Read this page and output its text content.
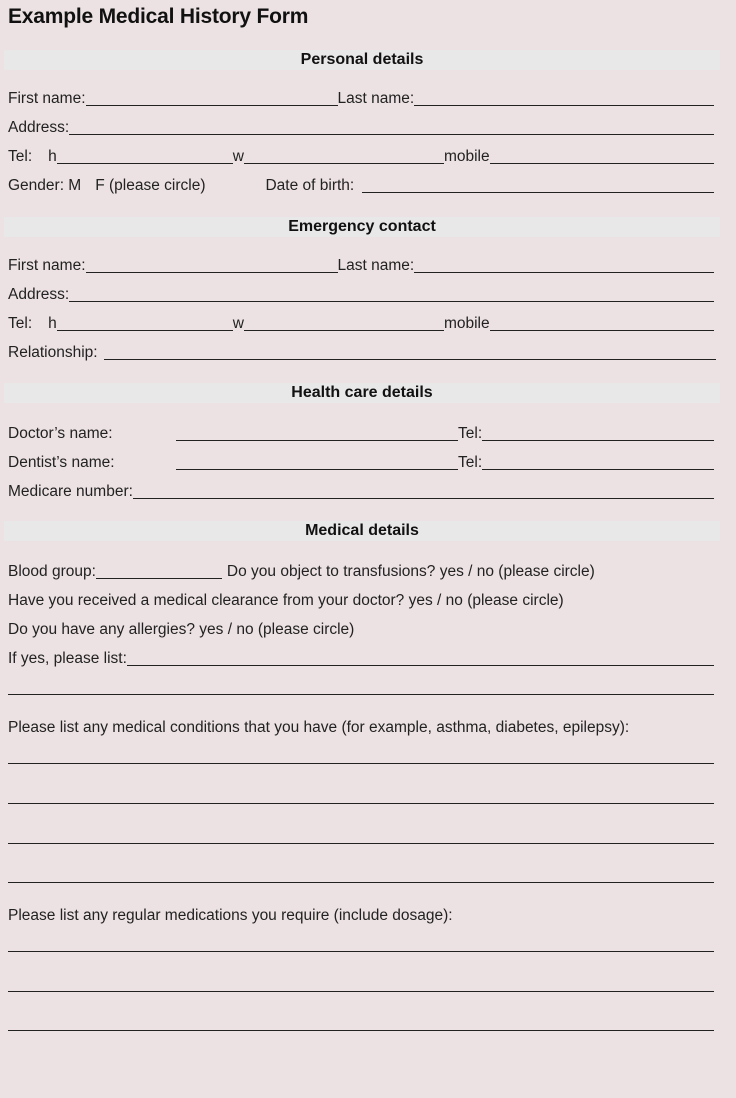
Example Medical History Form
Personal details
First name:	Last name:
Address:
Tel: h	w	mobile
Gender: M F (please circle)	Date of birth:
Emergency contact
First name:	Last name:
Address:
Tel: h	w	mobile
Relationship:
Health care details
Doctor’s name:	Tel:
Dentist’s name:	Tel:
Medicare number:
Medical details
Blood group:	Do you object to transfusions? yes / no (please circle)
Have you received a medical clearance from your doctor? yes / no (please circle)
Do you have any allergies? yes / no (please circle)
If yes, please list:
Please list any medical conditions that you have (for example, asthma, diabetes, epilepsy):
Please list any regular medications you require (include dosage):
